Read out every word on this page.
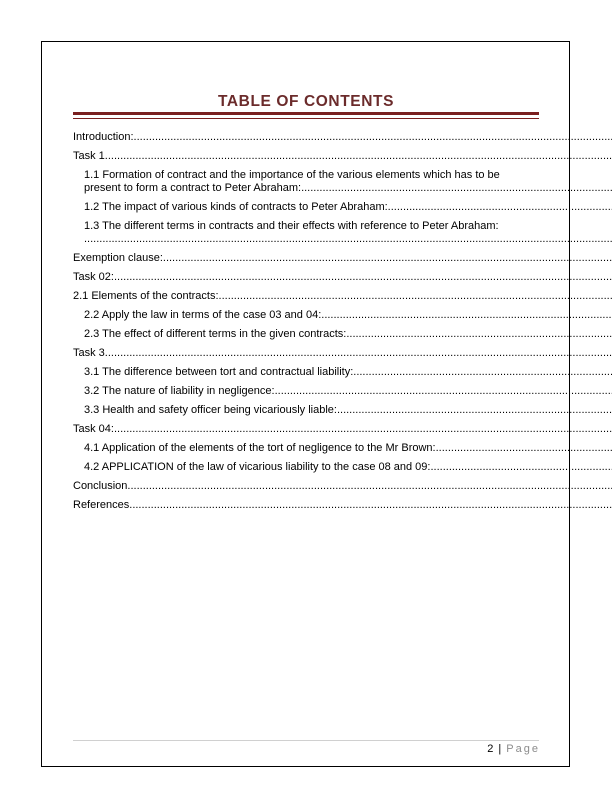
TABLE OF CONTENTS
Introduction: .....
Task 1 .....
1.1 Formation of contract and the importance of the various elements which has to be
present to form a contract to Peter Abraham: .....
1.2 The impact of various kinds of contracts to Peter Abraham: .....
1.3 The different terms in contracts and their effects with reference to Peter Abraham:
.....
Exemption clause: .....
Task 02: .....
2.1 Elements of the contracts: .....
2.2 Apply the law in terms of the case 03 and 04: .....
2.3 The effect of different terms in the given contracts: .....
Task 3 .....
3.1 The difference between tort and contractual liability: .....
3.2 The nature of liability in negligence: .....
3.3 Health and safety officer being vicariously liable: .....
Task 04: .....
4.1 Application of the elements of the tort of negligence to the Mr Brown: .....
4.2 APPLICATION of the law of vicarious liability to the case 08 and 09: .....
Conclusion .....
References .....
2 | Page
